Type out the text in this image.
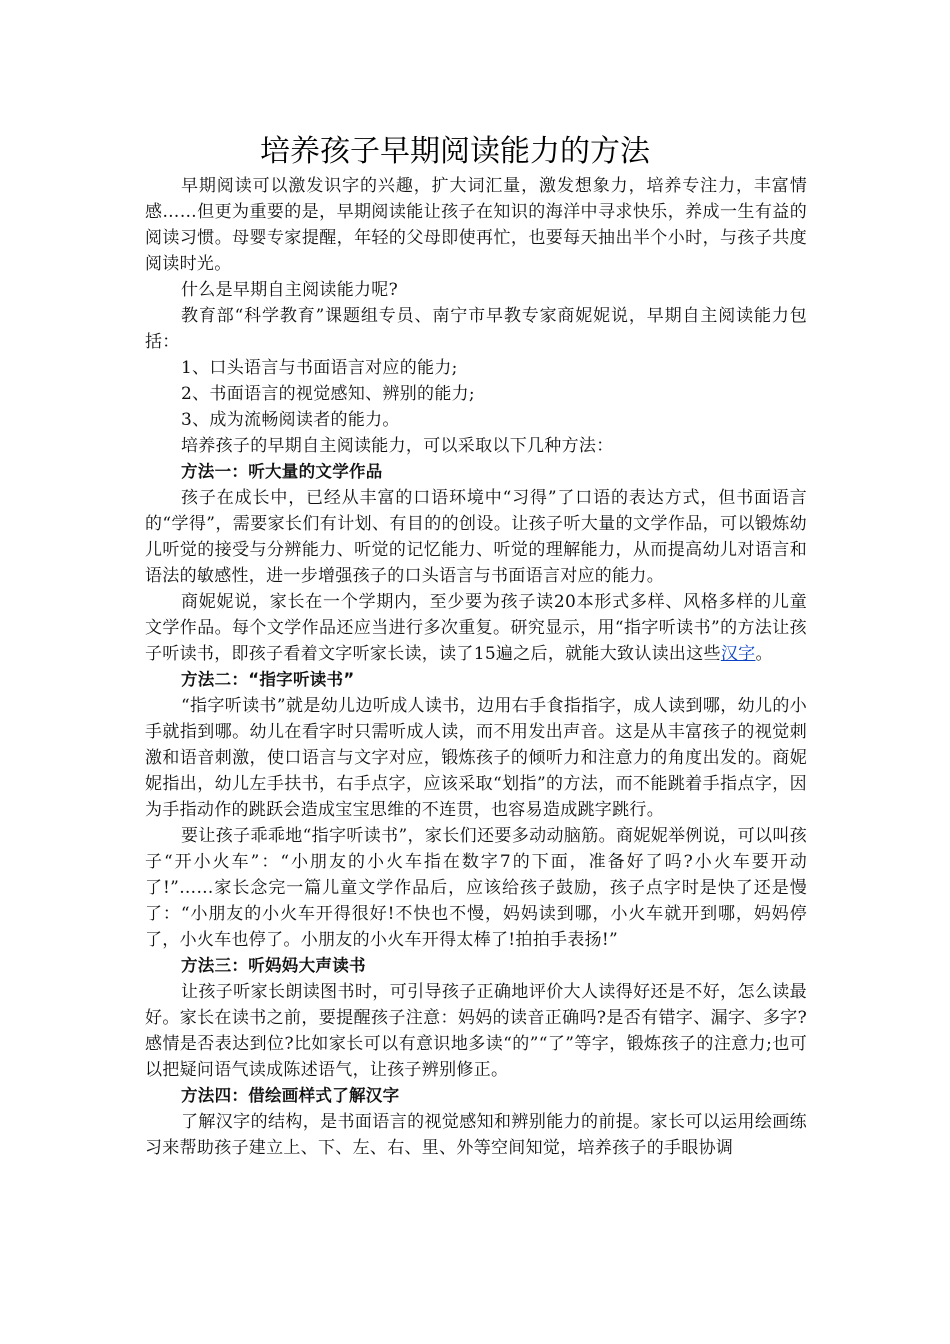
培养孩子早期阅读能力的方法

早期阅读可以激发识字的兴趣，扩大词汇量，激发想象力，培养专注力，丰富情感……但更为重要的是，早期阅读能让孩子在知识的海洋中寻求快乐，养成一生有益的阅读习惯。母婴专家提醒，年轻的父母即使再忙，也要每天抽出半个小时，与孩子共度阅读时光。

什么是早期自主阅读能力呢?

教育部“科学教育”课题组专员、南宁市早教专家商妮妮说，早期自主阅读能力包括：

1、口头语言与书面语言对应的能力;

2、书面语言的视觉感知、辨别的能力;

3、成为流畅阅读者的能力。

培养孩子的早期自主阅读能力，可以采取以下几种方法：

方法一：听大量的文学作品

孩子在成长中，已经从丰富的口语环境中“习得”了口语的表达方式，但书面语言的“学得”，需要家长们有计划、有目的的创设。让孩子听大量的文学作品，可以锻炼幼儿听觉的接受与分辨能力、听觉的记忆能力、听觉的理解能力，从而提高幼儿对语言和语法的敏感性，进一步增强孩子的口头语言与书面语言对应的能力。

商妮妮说，家长在一个学期内，至少要为孩子读20本形式多样、风格多样的儿童文学作品。每个文学作品还应当进行多次重复。研究显示，用“指字听读书”的方法让孩子听读书，即孩子看着文字听家长读，读了15遍之后，就能大致认读出这些汉字。

方法二：“指字听读书”

“指字听读书”就是幼儿边听成人读书，边用右手食指指字，成人读到哪，幼儿的小手就指到哪。幼儿在看字时只需听成人读，而不用发出声音。这是从丰富孩子的视觉刺激和语音刺激，使口语言与文字对应，锻炼孩子的倾听力和注意力的角度出发的。商妮妮指出，幼儿左手扶书，右手点字，应该采取“划指”的方法，而不能跳着手指点字，因为手指动作的跳跃会造成宝宝思维的不连贯，也容易造成跳字跳行。

要让孩子乖乖地“指字听读书”，家长们还要多动动脑筋。商妮妮举例说，可以叫孩子“开小火车”：“小朋友的小火车指在数字7的下面，准备好了吗?小火车要开动了!”……家长念完一篇儿童文学作品后，应该给孩子鼓励，孩子点字时是快了还是慢了：“小朋友的小火车开得很好!不快也不慢，妈妈读到哪，小火车就开到哪，妈妈停了，小火车也停了。小朋友的小火车开得太棒了!拍拍手表扬!”

方法三：听妈妈大声读书

让孩子听家长朗读图书时，可引导孩子正确地评价大人读得好还是不好，怎么读最好。家长在读书之前，要提醒孩子注意：妈妈的读音正确吗?是否有错字、漏字、多字?感情是否表达到位?比如家长可以有意识地多读“的”“了”等字，锻炼孩子的注意力;也可以把疑问语气读成陈述语气，让孩子辨别修正。

方法四：借绘画样式了解汉字

了解汉字的结构，是书面语言的视觉感知和辨别能力的前提。家长可以运用绘画练习来帮助孩子建立上、下、左、右、里、外等空间知觉，培养孩子的手眼协调
